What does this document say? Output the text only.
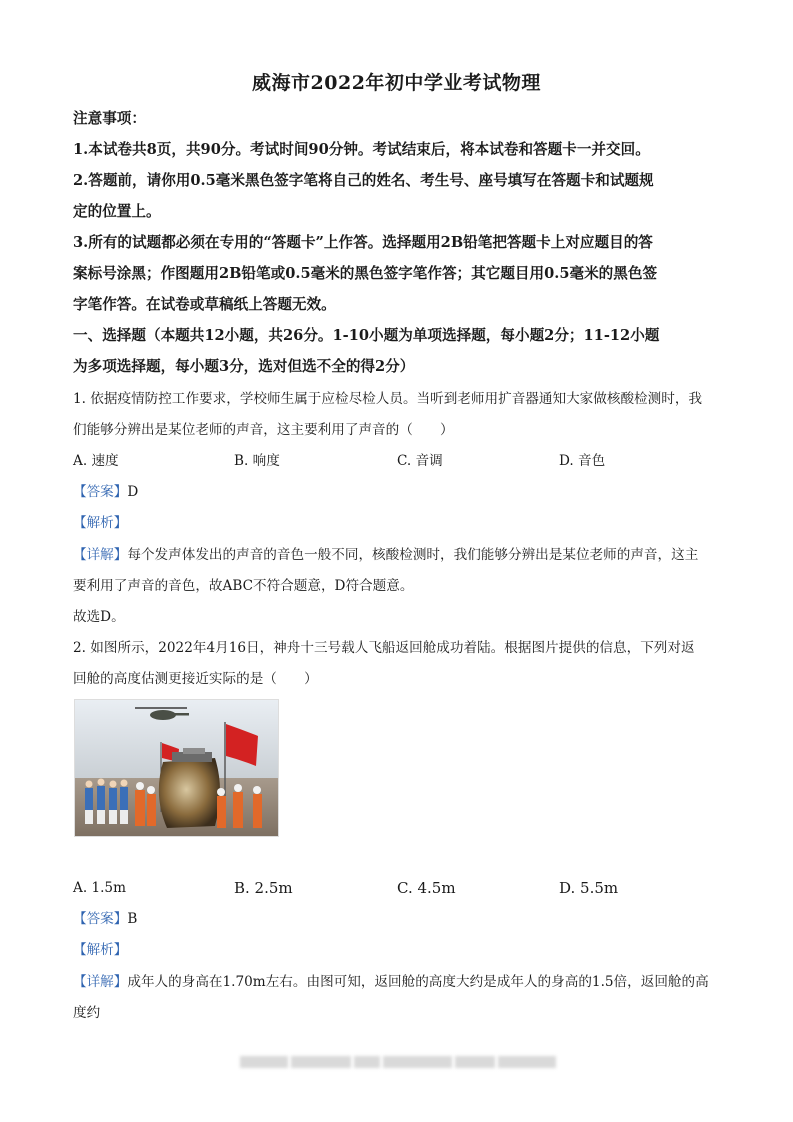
威海市2022年初中学业考试物理
注意事项：
1.本试卷共8页，共90分。考试时间90分钟。考试结束后，将本试卷和答题卡一并交回。
2.答题前，请你用0.5毫米黑色签字笔将自己的姓名、考生号、座号填写在答题卡和试题规
定的位置上。
3.所有的试题都必须在专用的“答题卡”上作答。选择题用2B铅笔把答题卡上对应题目的答
案标号涂黑；作图题用2B铅笔或0.5毫米的黑色签字笔作答；其它题目用0.5毫米的黑色签
字笔作答。在试卷或草稿纸上答题无效。
一、选择题（本题共12小题，共26分。1-10小题为单项选择题，每小题2分；11-12小题
为多项选择题，每小题3分，选对但选不全的得2分）
1. 依据疫情防控工作要求，学校师生属于应检尽检人员。当听到老师用扩音器通知大家做核酸检测时，我
们能够分辨出是某位老师的声音，这主要利用了声音的（　　）
A. 速度	B. 响度	C. 音调	D. 音色
【答案】D
【解析】
【详解】每个发声体发出的声音的音色一般不同，核酸检测时，我们能够分辨出是某位老师的声音，这主
要利用了声音的音色，故ABC不符合题意，D符合题意。
故选D。
2. 如图所示，2022年4月16日，神舟十三号载人飞船返回舱成功着陆。根据图片提供的信息，下列对返
回舱的高度估测更接近实际的是（　　）
A. 1.5m	B. 2.5m	C. 4.5m	D. 5.5m
【答案】B
【解析】
【详解】成年人的身高在1.70m左右。由图可知，返回舱的高度大约是成年人的身高的1.5倍，返回舱的高
度约
